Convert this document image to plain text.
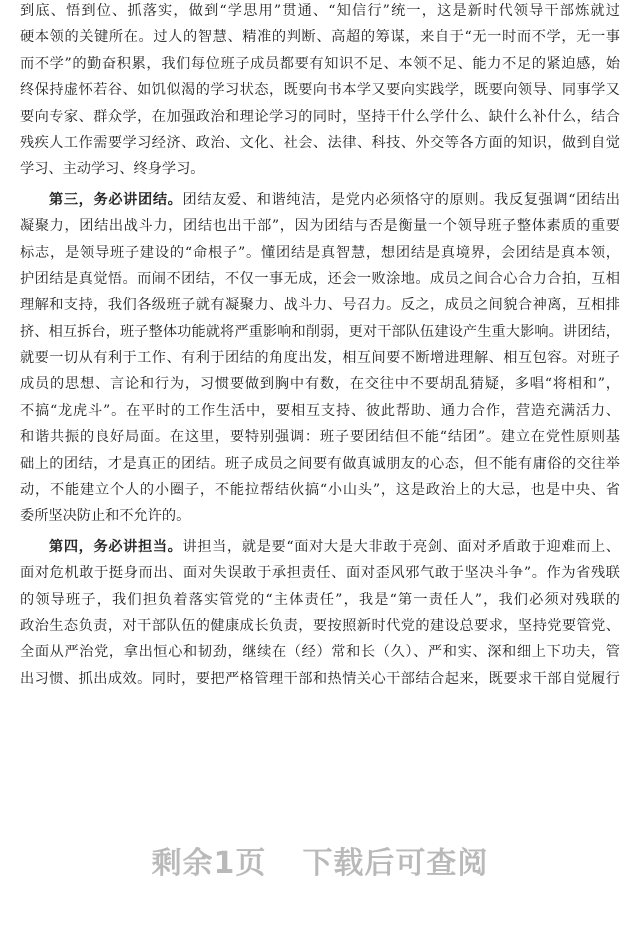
到底、悟到位、抓落实，做到“学思用”贯通、“知信行”统一，这是新时代领导干部炼就过
硬本领的关键所在。过人的智慧、精准的判断、高超的筹谋，来自于“无一时而不学，无一事
而不学”的勤奋积累，我们每位班子成员都要有知识不足、本领不足、能力不足的紧迫感，始
终保持虚怀若谷、如饥似渴的学习状态，既要向书本学又要向实践学，既要向领导、同事学又
要向专家、群众学，在加强政治和理论学习的同时，坚持干什么学什么、缺什么补什么，结合
残疾人工作需要学习经济、政治、文化、社会、法律、科技、外交等各方面的知识，做到自觉
学习、主动学习、终身学习。
第三，务必讲团结。团结友爱、和谐纯洁，是党内必须恪守的原则。我反复强调“团结出
凝聚力，团结出战斗力，团结也出干部”，因为团结与否是衡量一个领导班子整体素质的重要
标志，是领导班子建设的“命根子”。懂团结是真智慧，想团结是真境界，会团结是真本领，
护团结是真觉悟。而闹不团结，不仅一事无成，还会一败涂地。成员之间合心合力合拍，互相
理解和支持，我们各级班子就有凝聚力、战斗力、号召力。反之，成员之间貌合神离，互相排
挤、相互拆台，班子整体功能就将严重影响和削弱，更对干部队伍建设产生重大影响。讲团结，
就要一切从有利于工作、有利于团结的角度出发，相互间要不断增进理解、相互包容。对班子
成员的思想、言论和行为，习惯要做到胸中有数，在交往中不要胡乱猜疑，多唱“将相和”，
不搞“龙虎斗”。在平时的工作生活中，要相互支持、彼此帮助、通力合作，营造充满活力、
和谐共振的良好局面。在这里，要特别强调：班子要团结但不能“结团”。建立在党性原则基
础上的团结，才是真正的团结。班子成员之间要有做真诚朋友的心态，但不能有庸俗的交往举
动，不能建立个人的小圈子，不能拉帮结伙搞“小山头”，这是政治上的大忌，也是中央、省
委所坚决防止和不允许的。
第四，务必讲担当。讲担当，就是要“面对大是大非敢于亮剑、面对矛盾敢于迎难而上、
面对危机敢于挺身而出、面对失误敢于承担责任、面对歪风邪气敢于坚决斗争”。作为省残联
的领导班子，我们担负着落实管党的“主体责任”，我是“第一责任人”，我们必须对残联的
政治生态负责，对干部队伍的健康成长负责，要按照新时代党的建设总要求，坚持党要管党、
全面从严治党，拿出恒心和韧劲，继续在（经）常和长（久）、严和实、深和细上下功夫，管
出习惯、抓出成效。同时，要把严格管理干部和热情关心干部结合起来，既要求干部自觉履行
剩余1页 下载后可查阅
